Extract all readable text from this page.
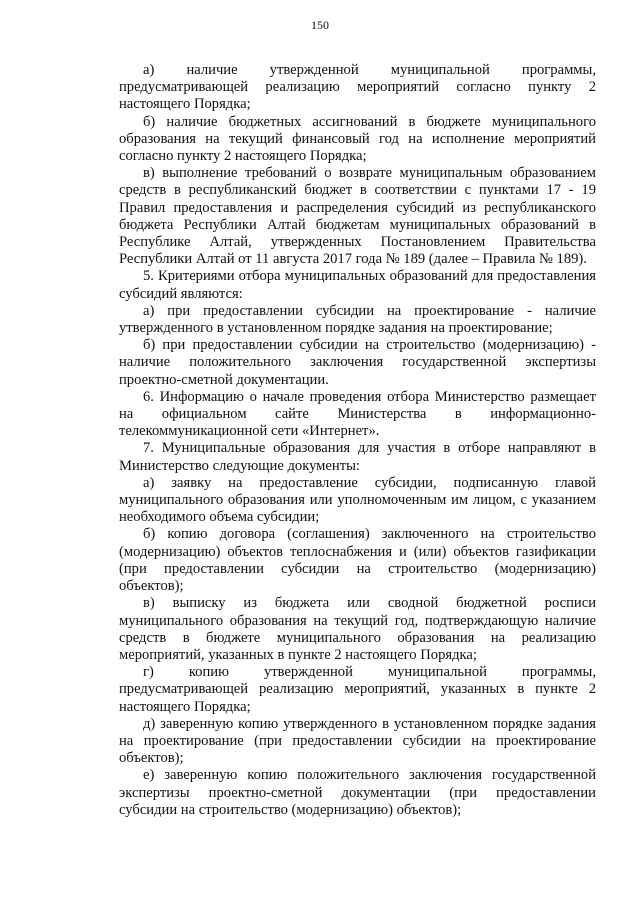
150

а) наличие утвержденной муниципальной программы, предусматривающей реализацию мероприятий согласно пункту 2 настоящего Порядка;

б) наличие бюджетных ассигнований в бюджете муниципального образования на текущий финансовый год на исполнение мероприятий согласно пункту 2 настоящего Порядка;

в) выполнение требований о возврате муниципальным образованием средств в республиканский бюджет в соответствии с пунктами 17 - 19 Правил предоставления и распределения субсидий из республиканского бюджета Республики Алтай бюджетам муниципальных образований в Республике Алтай, утвержденных Постановлением Правительства Республики Алтай от 11 августа 2017 года № 189 (далее – Правила № 189).

5. Критериями отбора муниципальных образований для предоставления субсидий являются:

а) при предоставлении субсидии на проектирование - наличие утвержденного в установленном порядке задания на проектирование;

б) при предоставлении субсидии на строительство (модернизацию) - наличие положительного заключения государственной экспертизы проектно-сметной документации.

6. Информацию о начале проведения отбора Министерство размещает на официальном сайте Министерства в информационно-телекоммуникационной сети «Интернет».

7. Муниципальные образования для участия в отборе направляют в Министерство следующие документы:

а) заявку на предоставление субсидии, подписанную главой муниципального образования или уполномоченным им лицом, с указанием необходимого объема субсидии;

б) копию договора (соглашения) заключенного на строительство (модернизацию) объектов теплоснабжения и (или) объектов газификации (при предоставлении субсидии на строительство (модернизацию) объектов);

в) выписку из бюджета или сводной бюджетной росписи муниципального образования на текущий год, подтверждающую наличие средств в бюджете муниципального образования на реализацию мероприятий, указанных в пункте 2 настоящего Порядка;

г) копию утвержденной муниципальной программы, предусматривающей реализацию мероприятий, указанных в пункте 2 настоящего Порядка;

д) заверенную копию утвержденного в установленном порядке задания на проектирование (при предоставлении субсидии на проектирование объектов);

е) заверенную копию положительного заключения государственной экспертизы проектно-сметной документации (при предоставлении субсидии на строительство (модернизацию) объектов);
